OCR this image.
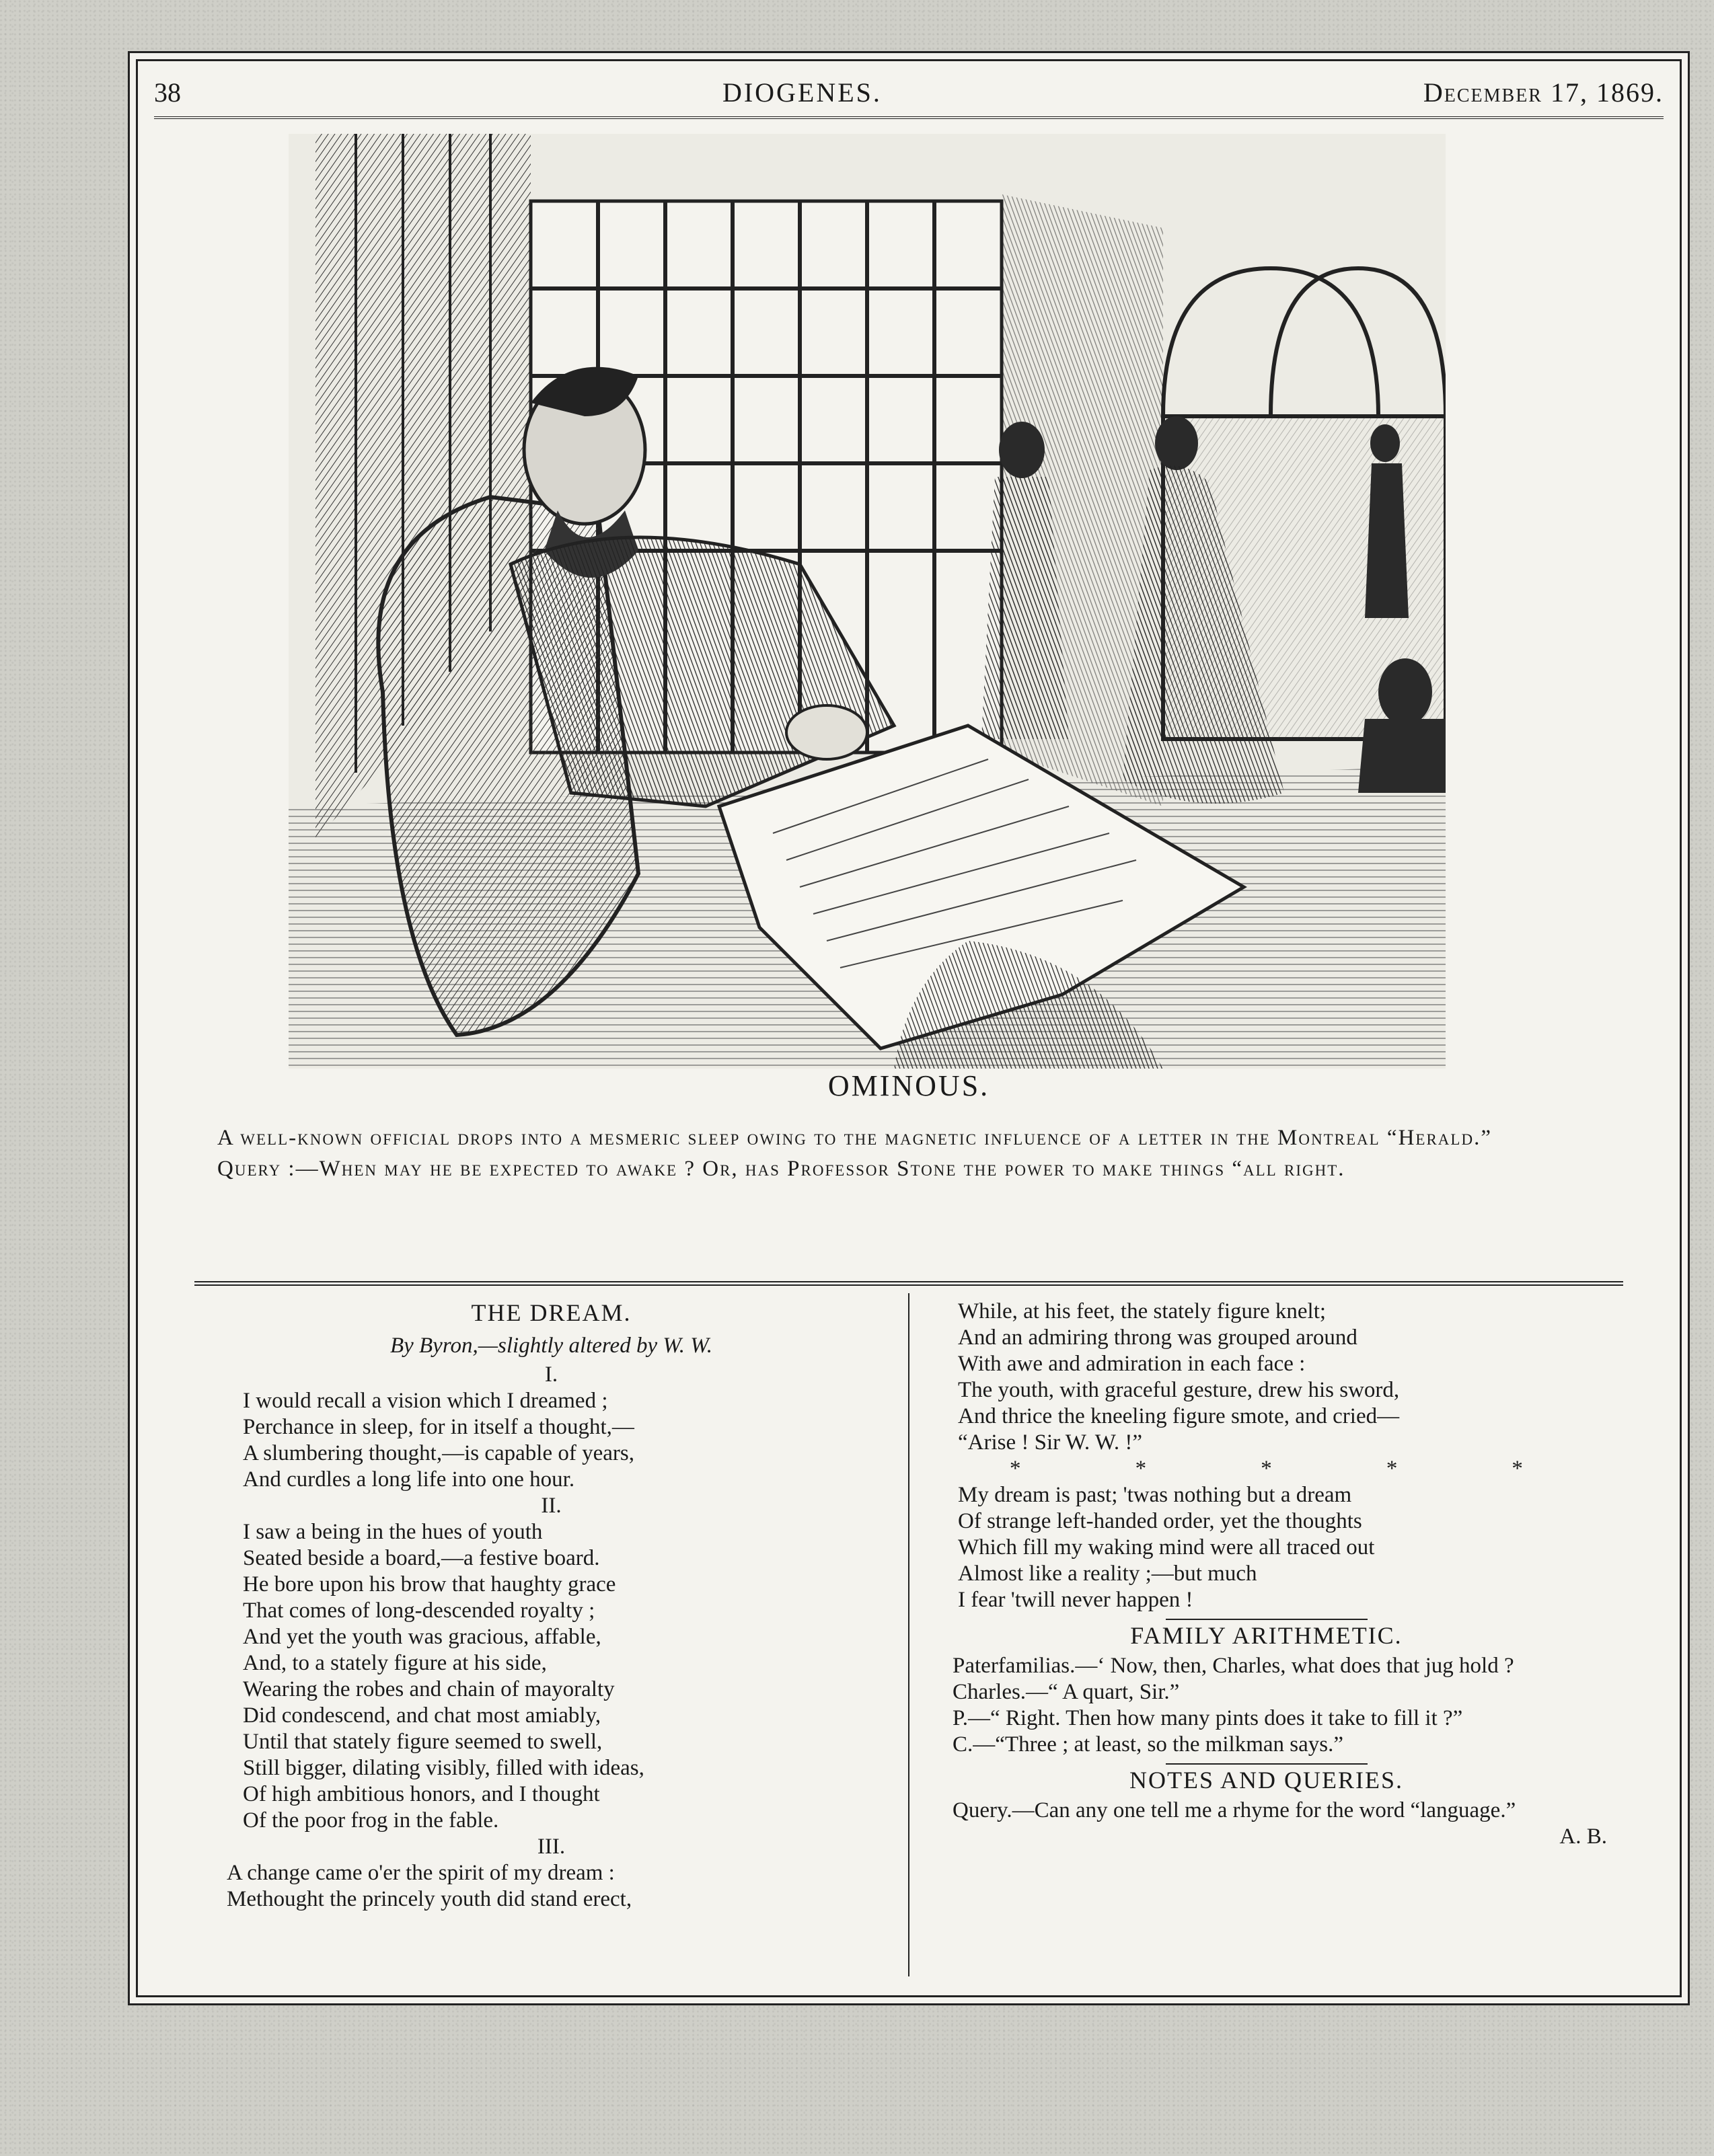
38	DIOGENES.	December 17, 1869.
OMINOUS.

A well-known official drops into a mesmeric sleep owing to the magnetic influence of a letter in the Montreal “Herald.”

Query :—When may he be expected to awake ? Or, has Professor Stone the power to make things “all right.

THE DREAM.
By Byron,—slightly altered by W. W.
I.
I would recall a vision which I dreamed ;
Perchance in sleep, for in itself a thought,—
A slumbering thought,—is capable of years,
And curdles a long life into one hour.
II.
I saw a being in the hues of youth
Seated beside a board,—a festive board.
He bore upon his brow that haughty grace
That comes of long-descended royalty ;
And yet the youth was gracious, affable,
And, to a stately figure at his side,
Wearing the robes and chain of mayoralty
Did condescend, and chat most amiably,
Until that stately figure seemed to swell,
Still bigger, dilating visibly, filled with ideas,
Of high ambitious honors, and I thought
Of the poor frog in the fable.
III.
A change came o'er the spirit of my dream :
Methought the princely youth did stand erect,
While, at his feet, the stately figure knelt;
And an admiring throng was grouped around
With awe and admiration in each face :
The youth, with graceful gesture, drew his sword,
And thrice the kneeling figure smote, and cried—
“Arise ! Sir W. W. !”
*	*	*	*	*
My dream is past; 'twas nothing but a dream
Of strange left-handed order, yet the thoughts
Which fill my waking mind were all traced out
Almost like a reality ;—but much
I fear 'twill never happen !
FAMILY ARITHMETIC.

Paterfamilias.—‘ Now, then, Charles, what does that jug hold ?

Charles.—“ A quart, Sir.”

P.—“ Right. Then how many pints does it take to fill it ?”

C.—“Three ; at least, so the milkman says.”

NOTES AND QUERIES.

Query.—Can any one tell me a rhyme for the word “language.”

A. B.
